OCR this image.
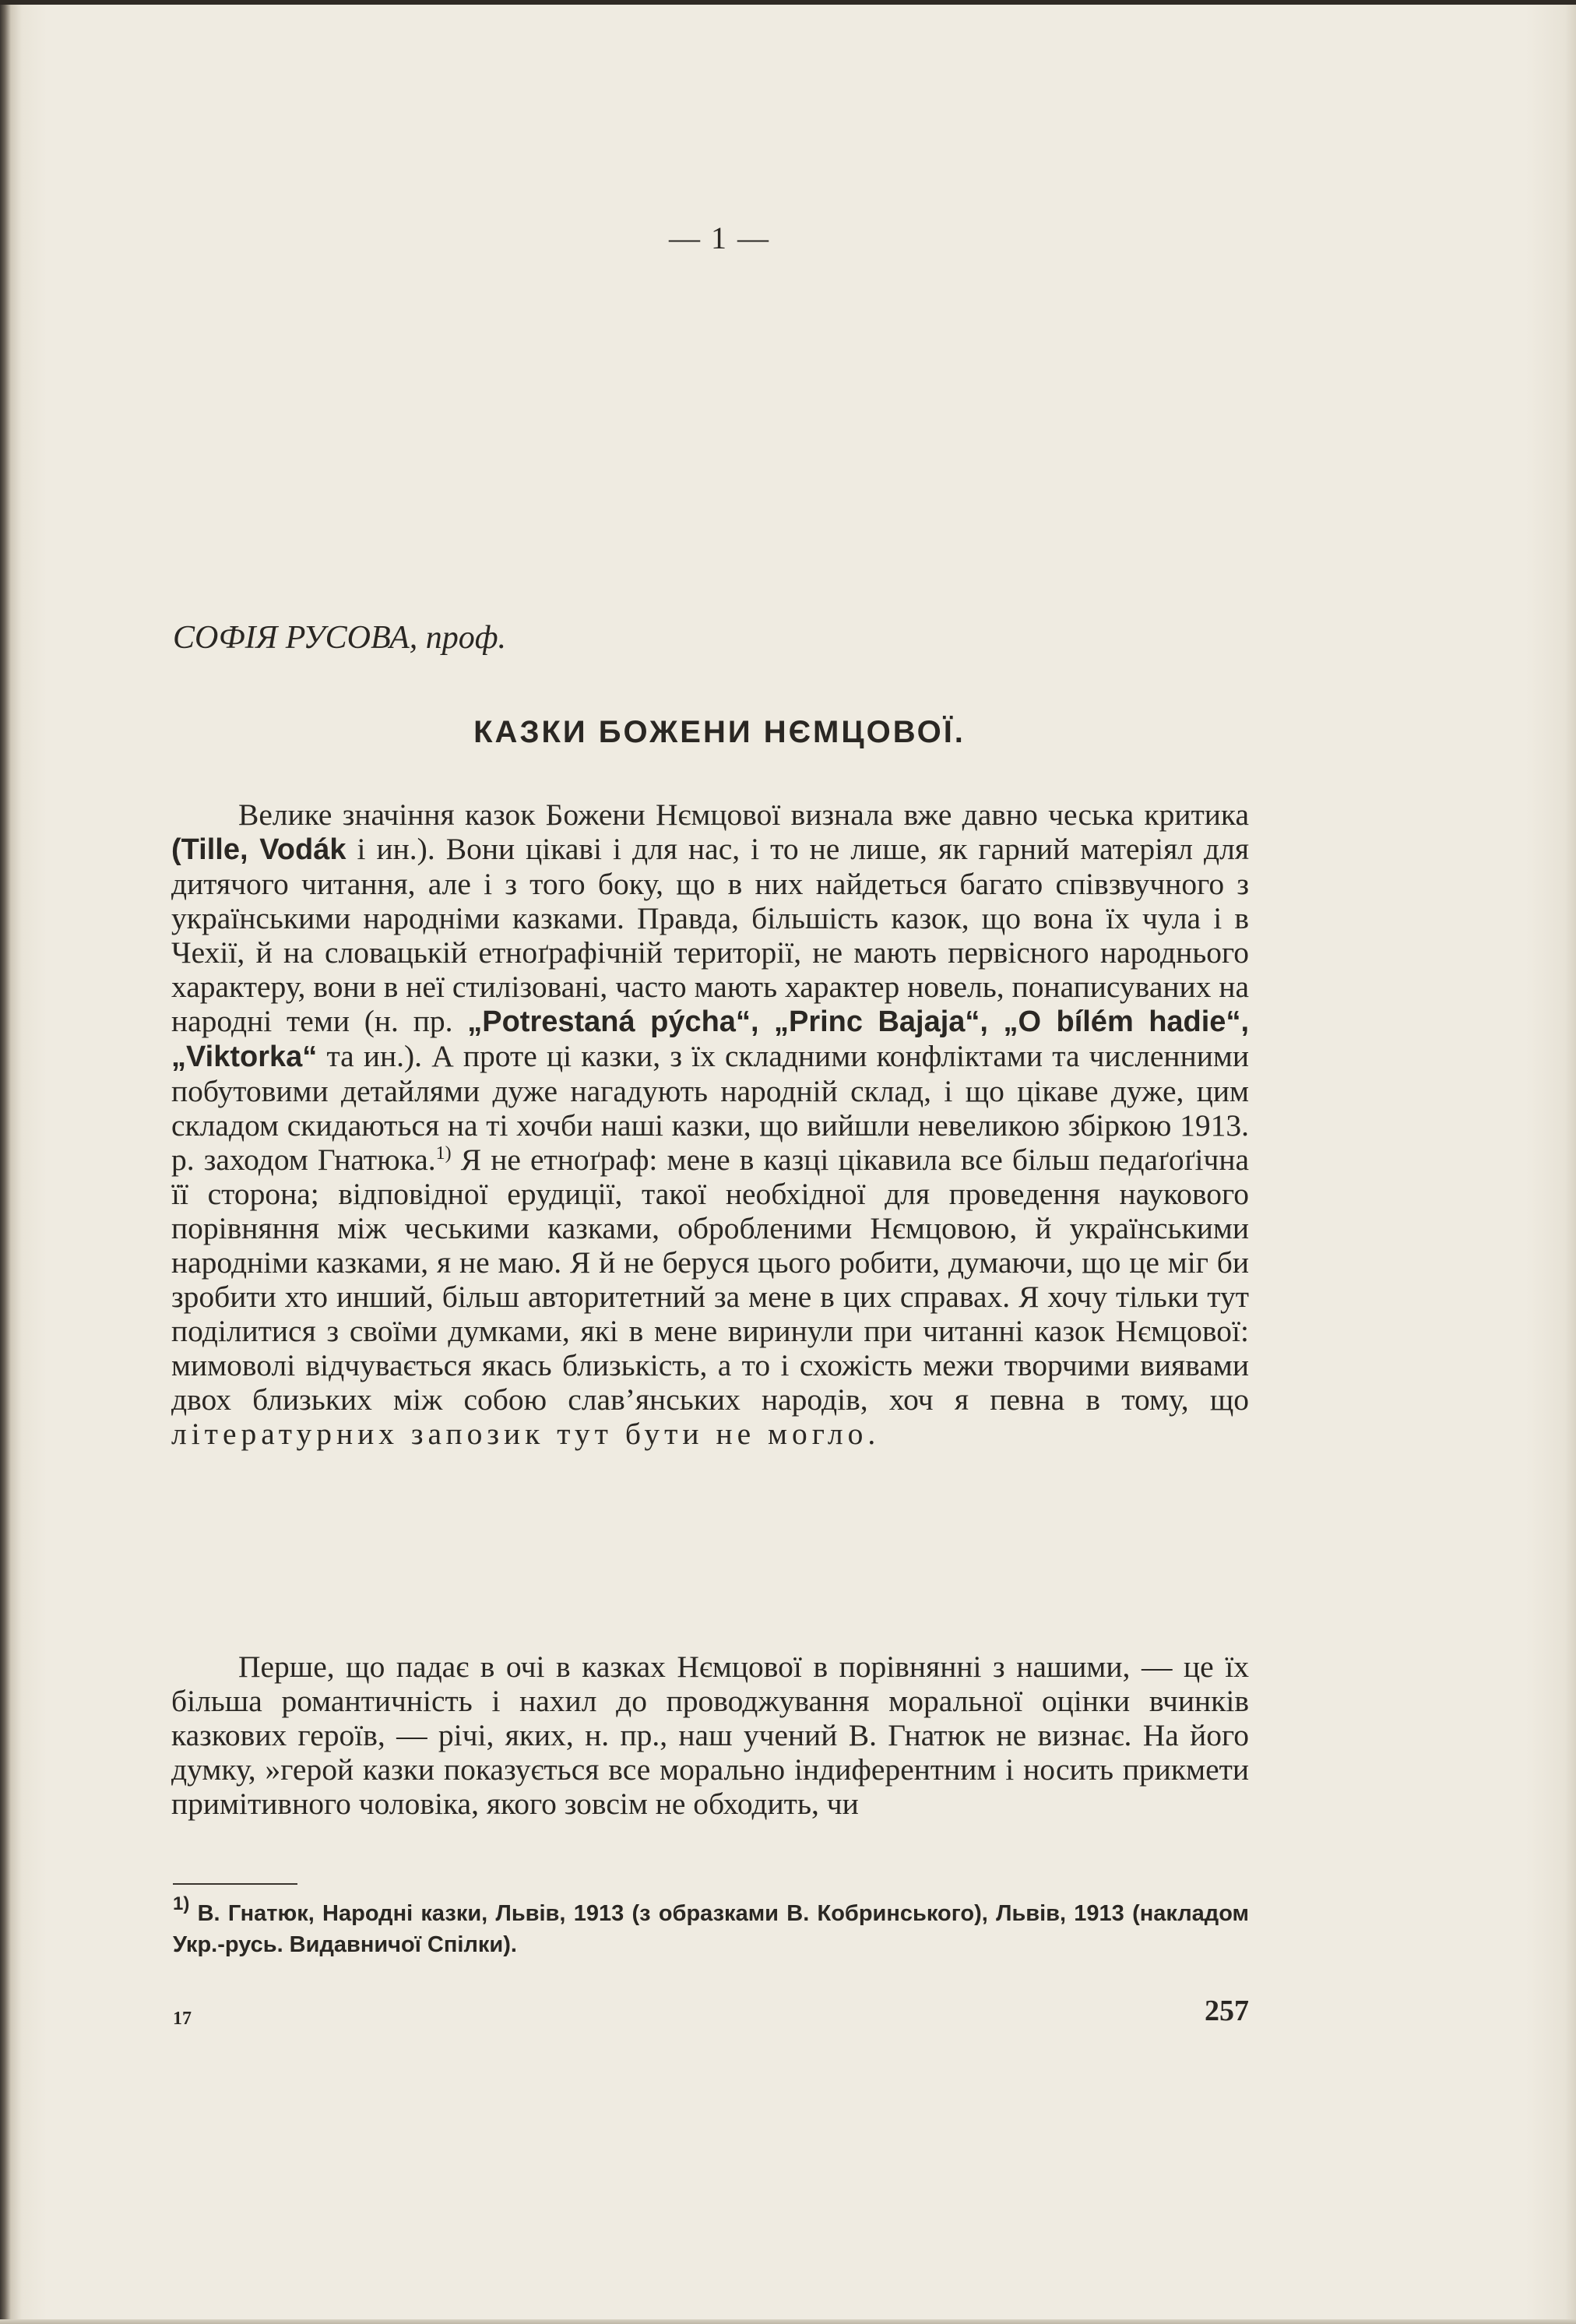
— 1 —
СОФІЯ РУСОВА, проф.
КАЗКИ БОЖЕНИ НЄМЦОВОЇ.

Велике значіння казок Божени Нємцової визнала вже давно чеська критика (Tille, Vodák і ин.). Вони цікаві і для нас, і то не лише, як гарний матеріял для дитячого читання, але і з того боку, що в них найдеться багато співзвучного з українськими народніми казками. Правда, більшість казок, що вона їх чула і в Чехії, й на словацькій етноґрафічній території, не мають первісного народнього характеру, вони в неї стилізовані, часто мають характер новель, понаписуваних на народні теми (н. пр. „Potrestaná pýcha“, „Princ Bajaja“, „O bílém hadie“, „Viktorka“ та ин.). А проте ці казки, з їх складними конфліктами та численними побутовими детайлями дуже нагадують народній склад, і що цікаве дуже, цим складом скидаються на ті хочби наші казки, що вийшли невеликою збіркою 1913. р. заходом Гнатюка.$^{1)}$ Я не етноґраф: мене в казці цікавила все більш педаґоґічна її сторона; відповідної ерудиції, такої необхідної для проведення наукового порівняння між чеськими казками, обробленими Нємцовою, й українськими народніми казками, я не маю. Я й не беруся цього робити, думаючи, що це міг би зробити хто инший, більш авторитетний за мене в цих справах. Я хочу тільки тут поділитися з своїми думками, які в мене виринули при читанні казок Нємцової: мимоволі відчувається якась близькість, а то і схожість межи творчими виявами двох близьких між собою слав’янських народів, хоч я певна в тому, що літературних запозик тут бути не могло.

Перше, що падає в очі в казках Нємцової в порівнянні з нашими, — це їх більша романтичність і нахил до проводжування моральної оцінки вчинків казкових героїв, — річі, яких, н. пр., наш учений В. Гнатюк не визнає. На його думку, »герой казки показується все морально індиферентним і носить прикмети примітивного чоловіка, якого зовсім не обходить, чи

$^{1)}$ В. Гнатюк, Народні казки, Львів, 1913 (з образками В. Кобринського), Львів, 1913 (накладом Укр.-русь. Видавничої Спілки).
17	257
